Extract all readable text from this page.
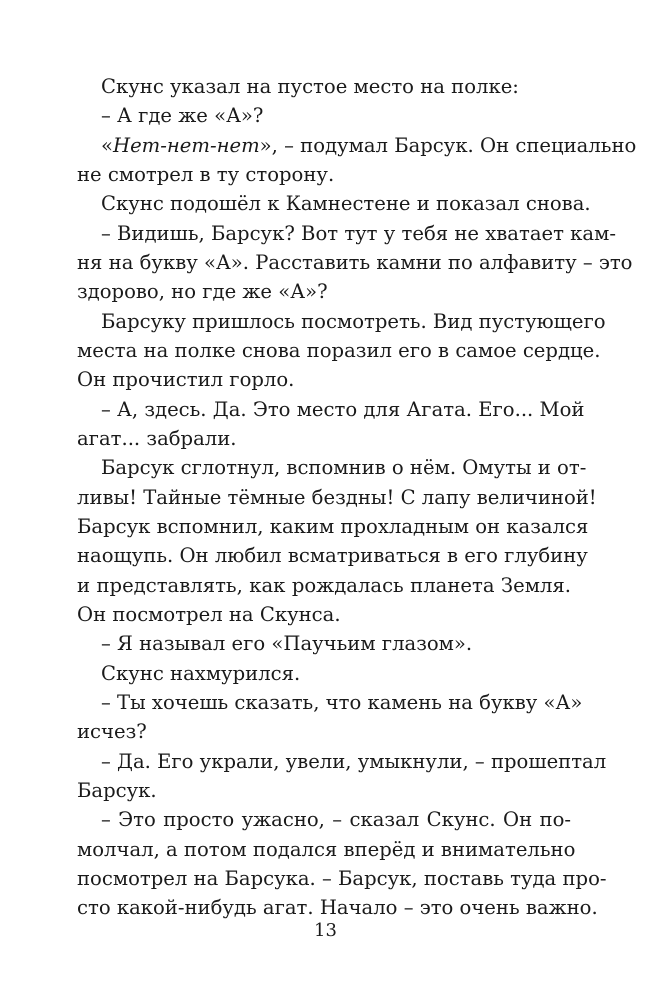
Скунс указал на пустое место на полке:
– А где же «А»?
«Нет-нет-нет», – подумал Барсук. Он специально
не смотрел в ту сторону.
Скунс подошёл к Камнестене и показал снова.
– Видишь, Барсук? Вот тут у тебя не хватает кам-
ня на букву «А». Расставить камни по алфавиту – это
здорово, но где же «А»?
Барсуку пришлось посмотреть. Вид пустующего
места на полке снова поразил его в самое сердце.
Он прочистил горло.
– А, здесь. Да. Это место для Агата. Его... Мой
агат... забрали.
Барсук сглотнул, вспомнив о нём. Омуты и от-
ливы! Тайные тёмные бездны! С лапу величиной!
Барсук вспомнил, каким прохладным он казался
наощупь. Он любил всматриваться в его глубину
и представлять, как рождалась планета Земля.
Он посмотрел на Скунса.
– Я называл его «Паучьим глазом».
Скунс нахмурился.
– Ты хочешь сказать, что камень на букву «А»
исчез?
– Да. Его украли, увели, умыкнули, – прошептал
Барсук.
– Это просто ужасно, – сказал Скунс. Он по-
молчал, а потом подался вперёд и внимательно
посмотрел на Барсука. – Барсук, поставь туда про-
сто какой-нибудь агат. Начало – это очень важно.
13
